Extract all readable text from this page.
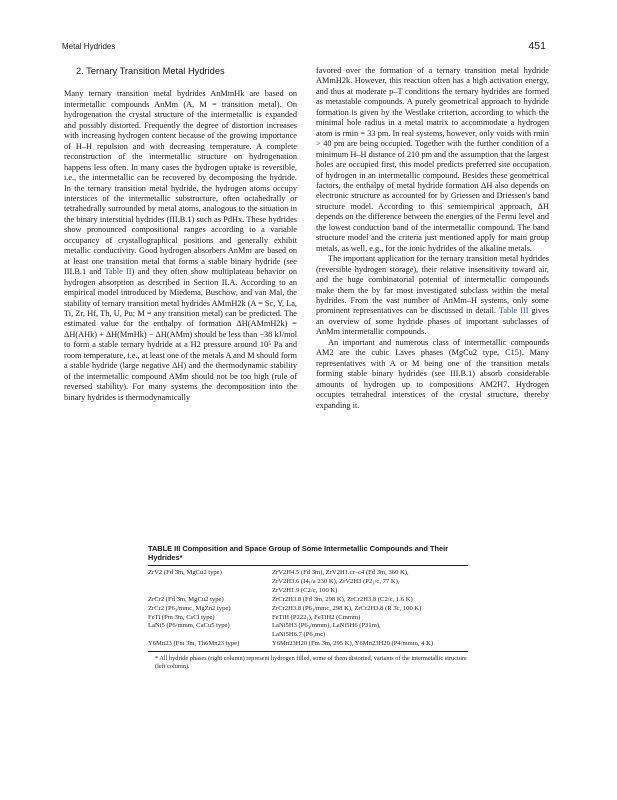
Metal Hydrides	451
2. Ternary Transition Metal Hydrides

Many ternary transition metal hydrides AnMmHk are based on intermetallic compounds AnMm (A, M = transition metal). On hydrogenation the crystal structure of the intermetallic is expanded and possibly distorted. Frequently the degree of distortion increases with increasing hydrogen content because of the growing importance of H–H repulsion and with decreasing temperature. A complete reconstruction of the intermetallic structure on hydrogenation happens less often. In many cases the hydrogen uptake is reversible, i.e., the intermetallic can be recovered by decomposing the hydride. In the ternary transition metal hydride, the hydrogen atoms occupy interstices of the intermetallic substructure, often octahedrally or tetrahedrally surrounded by metal atoms, analogous to the situation in the binary interstitial hydrides (III.B.1) such as PdHx. These hydrides show pronounced compositional ranges according to a variable occupancy of crystallographical positions and generally exhibit metallic conductivity. Good hydrogen absorbers AnMm are based on at least one transition metal that forms a stable binary hydride (see III.B.1 and Table II) and they often show multiplateau behavior on hydrogen absorption as described in Section II.A. According to an empirical model introduced by Miedema, Buschow, and van Mal, the stability of ternary transition metal hydrides AMmH2k (A = Sc, Y, La, Ti, Zr, Hf, Th, U, Pu; M = any transition metal) can be predicted. The estimated value for the enthalpy of formation ΔH(AMmH2k) = ΔH(AHk) + ΔH(MmHk) − ΔH(AMm) should be less than −38 kJ/mol to form a stable ternary hydride at a H2 pressure around 10⁵ Pa and room temperature, i.e., at least one of the metals A and M should form a stable hydride (large negative ΔH) and the thermodynamic stability of the intermetallic compound AMm should not be too high (rule of reversed stability). For many systems the decomposition into the binary hydrides is thermodynamically

favored over the formation of a ternary transition metal hydride AMmH2k. However, this reaction often has a high activation energy, and thus at moderate p–T conditions the ternary hydrides are formed as metastable compounds. A purely geometrical approach to hydride formation is given by the Westlake criterion, according to which the minimal hole radius in a metal matrix to accommodate a hydrogen atom is rmin = 33 pm. In real systems, however, only voids with rmin > 40 pm are being occupied. Together with the further condition of a minimum H–H distance of 210 pm and the assumption that the largest holes are occupied first, this model predicts preferred site occupation of hydrogen in an intermetallic compound. Besides these geometrical factors, the enthalpy of metal hydride formation ΔH also depends on electronic structure as accounted for by Griessen and Driessen's band structure model. According to this semiempirical approach, ΔH depends on the difference between the energies of the Fermi level and the lowest conduction band of the intermetallic compound. The band structure model and the criteria just mentioned apply for main group metals, as well, e.g., for the ionic hydrides of the alkaline metals.

The important application for the ternary transition metal hydrides (reversible hydrogen storage), their relative insensitivity toward air, and the huge combinatorial potential of intermetallic compounds make them the by far most investigated subclass within the metal hydrides. From the vast number of AnMm–H systems, only some prominent representatives can be discussed in detail. Table III gives an overview of some hydride phases of important subclasses of AnMm intermetallic compounds.

An important and numerous class of intermetallic compounds AM2 are the cubic Laves phases (MgCu2 type, C15). Many representatives with A or M being one of the transition metals forming stable binary hydrides (see III.B.1) absorb considerable amounts of hydrogen up to compositions AM2H7. Hydrogen occupies tetrahedral interstices of the crystal structure, thereby expanding it.

TABLE III Composition and Space Group of Some Intermetallic Compounds and Their Hydrides*
ZrV2 (Fd 3̄m, MgCu2 type)	ZrV2H4.5 (Fd 3̄m), ZrV2H1.cr–c4 (Fd 3̄m, 360 K),
ZrV2H3.6 (I4₁/a 230 K), ZrV2H3 (P2₁/c, 77 K),
ZrV2H1.9 (C2/c, 100 K)

ZrCr2 (Fd 3̄m, MgCu2 type)	ZrCr2H3.8 (Fd 3̄m, 298 K), ZrCr2H3.8 (C2/c, 1.6 K)

ZrCr2 (P6₃/mmc, MgZn2 type)	ZrCr2H3.8 (P6₃/mmc, 298 K), ZrCr2H3.8 (R 3̄c, 100 K)

FeTi (Pm 3̄m, CsCl type)	FeTiH (P222₁), FeTiH2 (Cmmm)

LaNi5 (P6/mmm, CaCu5 type)	LaNi5H3 (P6₃/mmm), LaNi5H6 (P31m),
LaNi5H6.7 (P6₃mc)

Y6Mn23 (Fm 3̄m, Th6Mn23 type)	Y6Mn23H20 (Fm 3̄m, 295 K), Y6Mn23H20 (P4/mmm, 4 K)
* All hydride phases (right column) represent hydrogen filled, some of them distorted, variants of the intermetallic structure (left column).
